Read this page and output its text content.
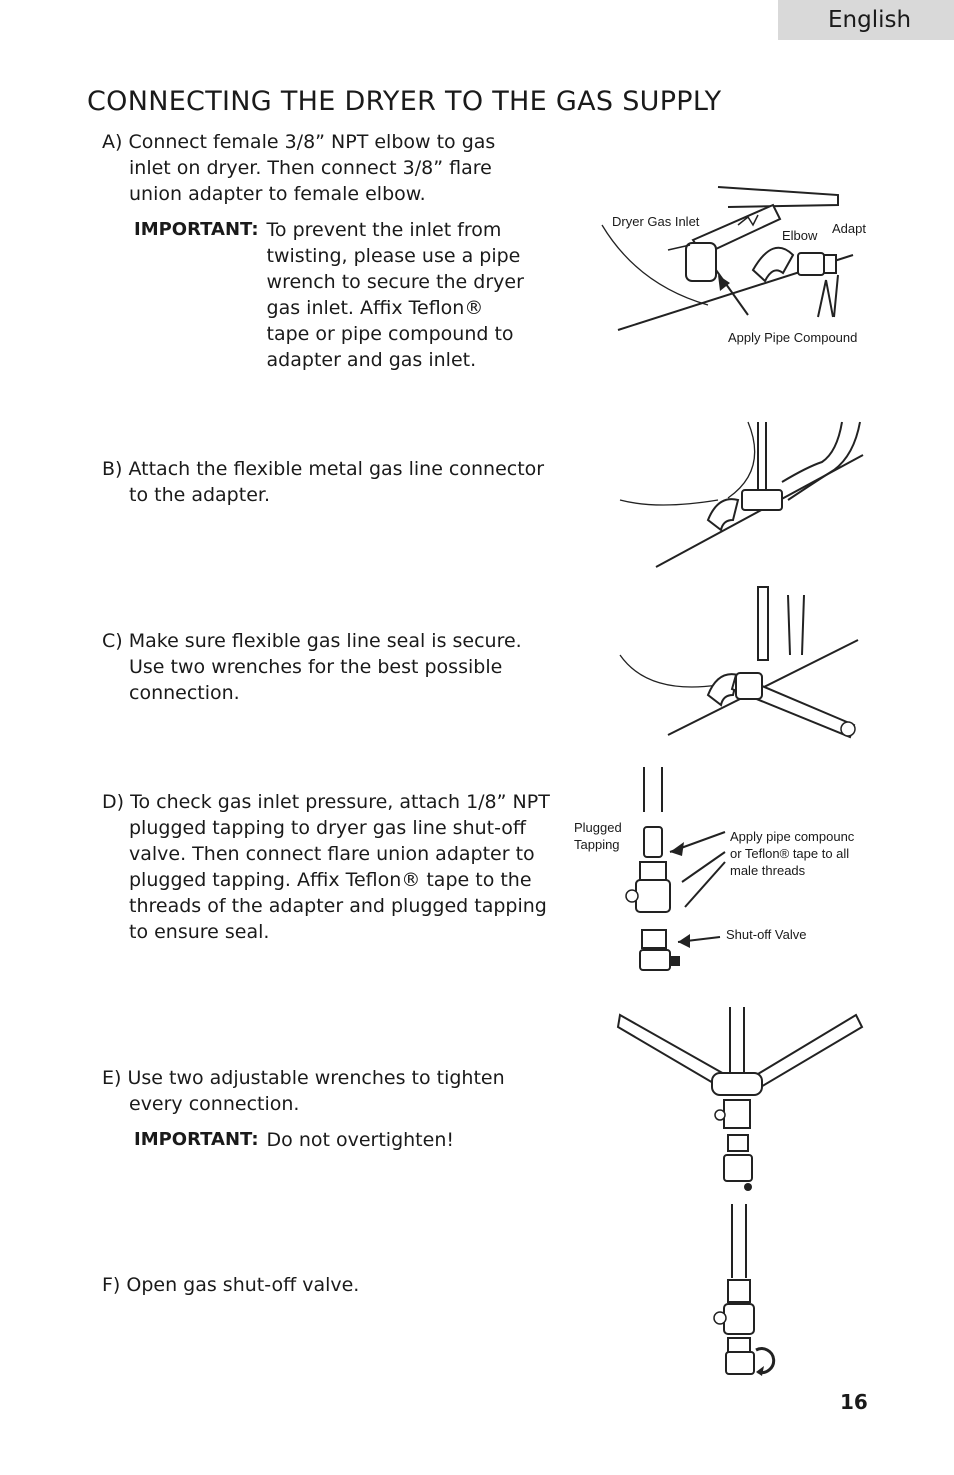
English
CONNECTING THE DRYER TO THE GAS SUPPLY
A) Connect female 3/8” NPT elbow to gas inlet on dryer. Then connect 3/8” flare union adapter to female elbow.
IMPORTANT: To prevent the inlet from twisting, please use a pipe wrench to secure the dryer gas inlet. Affix Teflon® tape or pipe compound to adapter and gas inlet.
B) Attach the flexible metal gas line connector to the adapter.
C) Make sure flexible gas line seal is secure. Use two wrenches for the best possible connection.
D) To check gas inlet pressure, attach 1/8” NPT plugged tapping to dryer gas line shut-off valve. Then connect flare union adapter to plugged tapping. Affix Teflon® tape to the threads of the adapter and plugged tapping to ensure seal.
E) Use two adjustable wrenches to tighten every connection.
IMPORTANT: Do not overtighten!
F) Open gas shut-off valve.
Dryer Gas Inlet
Elbow Adapt
Apply Pipe Compound
Plugged
Tapping
Apply pipe compounc
or Teflon® tape to all
male threads
Shut-off Valve
16
